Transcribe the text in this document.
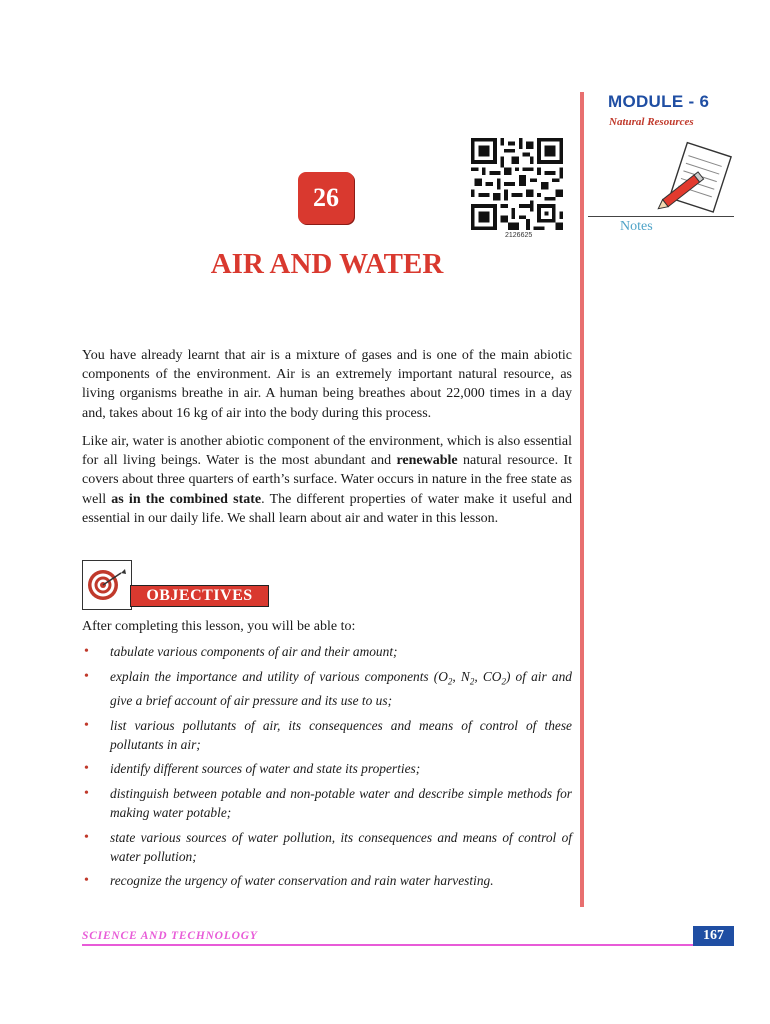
MODULE - 6
Natural Resources
Notes
2126625
26
AIR AND WATER

You have already learnt that air is a mixture of gases and is one of the main abiotic components of the environment. Air is an extremely important natural resource, as living organisms breathe in air. A human being breathes about 22,000 times in a day and, takes about 16 kg of air into the body during this process.

Like air, water is another abiotic component of the environment, which is also essential for all living beings. Water is the most abundant and renewable natural resource. It covers about three quarters of earth’s surface. Water occurs in nature in the free state as well as in the combined state. The different properties of water make it useful and essential in our daily life. We shall learn about air and water in this lesson.

OBJECTIVES
After completing this lesson, you will be able to:
• tabulate various components of air and their amount;
• explain the importance and utility of various components ($O_2$, $N_2$, $CO_2$) of air and give a brief account of air pressure and its use to us;
• list various pollutants of air, its consequences and means of control of these pollutants in air;
• identify different sources of water and state its properties;
• distinguish between potable and non-potable water and describe simple methods for making water potable;
• state various sources of water pollution, its consequences and means of control of water pollution;
• recognize the urgency of water conservation and rain water harvesting.
SCIENCE AND TECHNOLOGY	167
